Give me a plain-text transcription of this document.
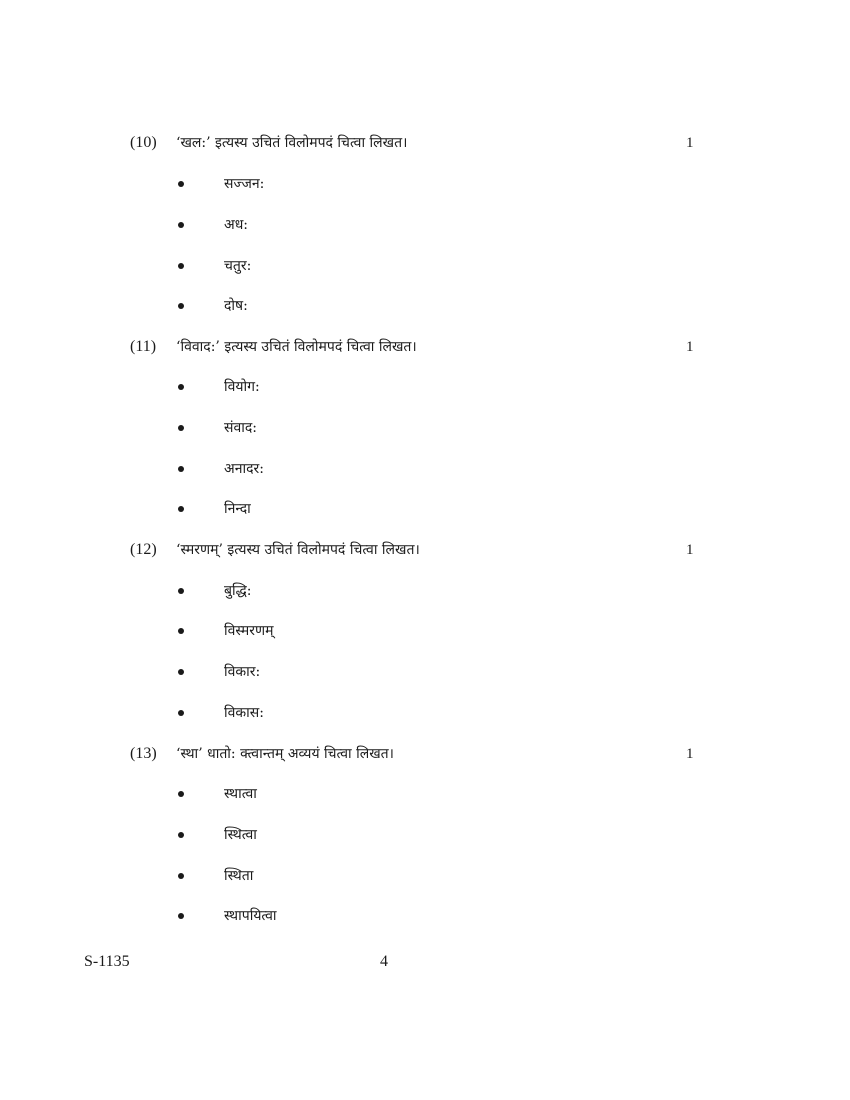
(10) ‘खल:’ इत्यस्य उचितं विलोमपदं चित्वा लिखत।	1
सज्जन:
अध:
चतुर:
दोष:
(11) ‘विवाद:’ इत्यस्य उचितं विलोमपदं चित्वा लिखत।	1
वियोग:
संवाद:
अनादर:
निन्दा
(12) ‘स्मरणम्’ इत्यस्य उचितं विलोमपदं चित्वा लिखत।	1
बुद्धि:
विस्मरणम्
विकार:
विकास:
(13) ‘स्था’ धातो: क्त्वान्तम् अव्ययं चित्वा लिखत।	1
स्थात्वा
स्थित्वा
स्थिता
स्थापयित्वा
S-1135	4
